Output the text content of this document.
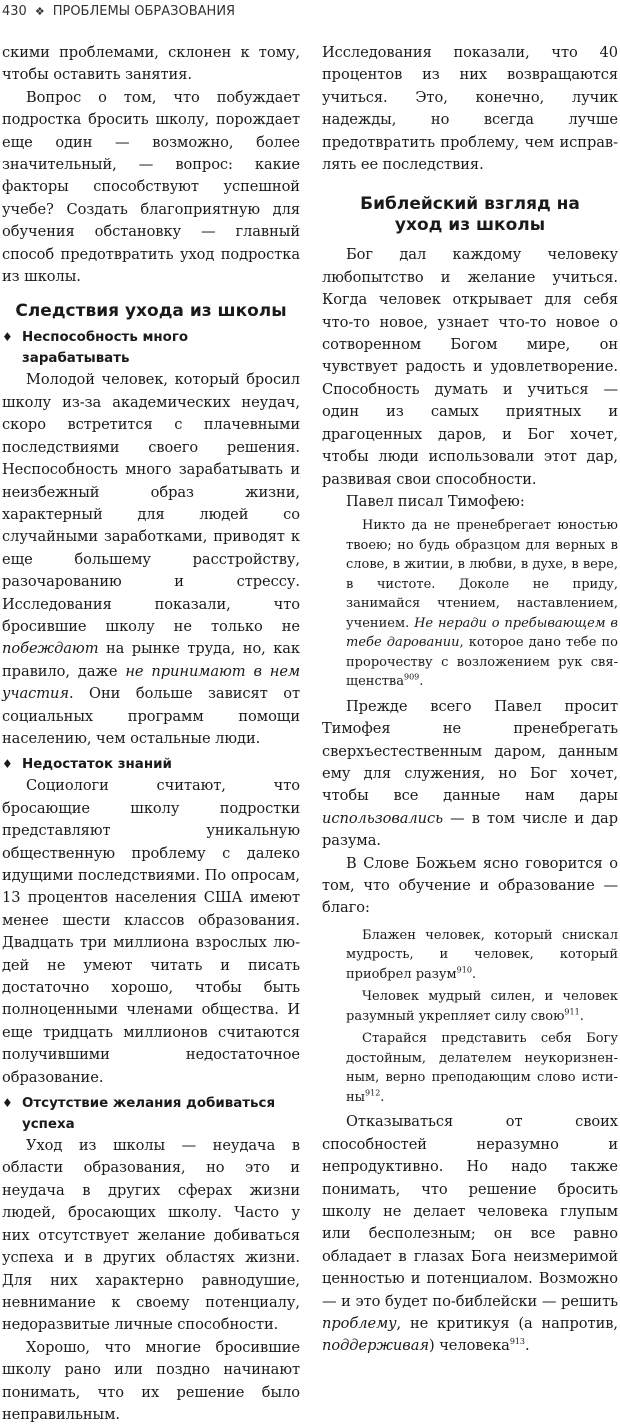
430 ❖ ПРОБЛЕМЫ ОБРАЗОВАНИЯ

скими проблемами, склонен к тому, чтобы оставить занятия.

Вопрос о том, что побуждает подростка бросить школу, порождает еще один — возможно, более значительный, — вопрос: какие факторы способствуют успешной учебе? Создать благоприятную для обучения обстановку — главный способ предотвратить уход подростка из школы.

Следствия ухода из школы
♦ Неспособность много зарабатывать

Молодой человек, который бросил школу из-за академических неудач, скоро встретится с плачевными последствиями своего решения. Неспособность много зарабатывать и неизбежный образ жизни, характерный для людей со случайными заработками, приводят к еще большему расстройству, разочарованию и стрессу. Исследования показали, что бросившие школу не только не побеждают на рынке труда, но, как правило, даже не принимают в нем участия. Они больше зависят от социальных программ помощи населению, чем остальные люди.

♦ Недостаток знаний

Социологи считают, что бросающие школу подростки представляют уникальную общественную проблему с далеко идущими последствиями. По опросам, 13 процентов населения США имеют менее шести классов образования. Двадцать три миллиона взрослых людей не умеют читать и писать достаточно хорошо, чтобы быть полноценными членами общества. И еще тридцать миллионов считаются получившими недостаточное образование.

♦ Отсутствие желания добиваться успеха

Уход из школы — неудача в области образования, но это и неудача в других сферах жизни людей, бросающих школу. Часто у них отсутствует желание добиваться успеха и в других областях жизни. Для них характерно равнодушие, невнимание к своему потенциалу, недоразвитые личные способности.

Хорошо, что многие бросившие школу рано или поздно начинают понимать, что их решение было неправильным.

Исследования показали, что 40 процентов из них возвращаются учиться. Это, конечно, лучик надежды, но всегда лучше предотвратить проблему, чем исправлять ее последствия.

Библейский взгляд на уход из школы

Бог дал каждому человеку любопытство и желание учиться. Когда человек открывает для себя что-то новое, узнает что-то новое о сотворенном Богом мире, он чувствует радость и удовлетворение. Способность думать и учиться — один из самых приятных и драгоценных даров, и Бог хочет, чтобы люди использовали этот дар, развивая свои способности.

Павел писал Тимофею:

Никто да не пренебрегает юностью твоею; но будь образцом для верных в слове, в житии, в любви, в духе, в вере, в чистоте. Доколе не приду, занимайся чтением, наставлением, учением. Не неради о пребывающем в тебе даровании, которое дано тебе по пророчеству с возложением рук священства$^{909}$.

Прежде всего Павел просит Тимофея не пренебрегать сверхъестественным даром, данным ему для служения, но Бог хочет, чтобы все данные нам дары использовались — в том числе и дар разума.

В Слове Божьем ясно говорится о том, что обучение и образование — благо:

Блажен человек, который снискал мудрость, и человек, который приобрел разум$^{910}$.
Человек мудрый силен, и человек разумный укрепляет силу свою$^{911}$.
Старайся представить себя Богу достойным, делателем неукоризненным, верно преподающим слово истины$^{912}$.

Отказываться от своих способностей неразумно и непродуктивно. Но надо также понимать, что решение бросить школу не делает человека глупым или бесполезным; он все равно обладает в глазах Бога неизмеримой ценностью и потенциалом. Возможно — и это будет по-библейски — решить проблему, не критикуя (а напротив, поддерживая) человека$^{913}$.
